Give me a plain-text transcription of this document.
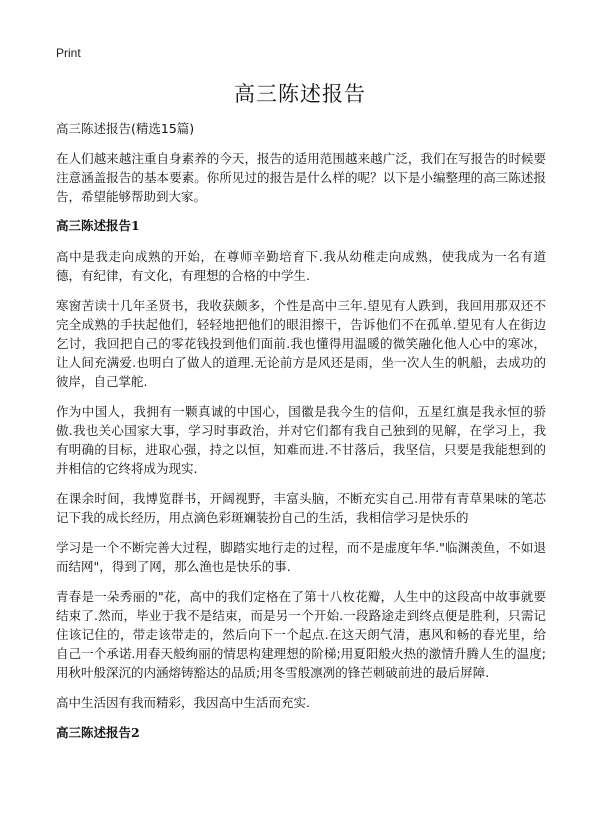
Print
高三陈述报告
高三陈述报告(精选15篇)

在人们越来越注重自身素养的今天，报告的适用范围越来越广泛，我们在写报告的时候要注意涵盖报告的基本要素。你所见过的报告是什么样的呢？以下是小编整理的高三陈述报告，希望能够帮助到大家。

高三陈述报告1

高中是我走向成熟的开始，在尊师辛勤培育下.我从幼稚走向成熟，使我成为一名有道德，有纪律，有文化，有理想的合格的中学生.

寒窗苦读十几年圣贤书，我收获颇多，个性是高中三年.望见有人跌到，我回用那双还不完全成熟的手扶起他们，轻轻地把他们的眼泪擦干，告诉他们不在孤单.望见有人在街边乞讨，我回把自己的零花钱投到他们面前.我也懂得用温暖的微笑融化他人心中的寒冰，让人间充满爱.也明白了做人的道理.无论前方是风还是雨，坐一次人生的帆船，去成功的彼岸，自己掌舵.

作为中国人，我拥有一颗真诚的中国心，国徽是我今生的信仰，五星红旗是我永恒的骄傲.我也关心国家大事，学习时事政治，并对它们都有我自己独到的见解，在学习上，我有明确的目标，进取心强，持之以恒，知难而进.不甘落后，我坚信，只要是我能想到的并相信的它终将成为现实.

在课余时间，我博览群书，开阔视野，丰富头脑，不断充实自己.用带有青草果味的笔芯记下我的成长经历，用点滴色彩斑斓装扮自己的生活，我相信学习是快乐的

学习是一个不断完善大过程，脚踏实地行走的过程，而不是虚度年华."临渊羡鱼，不如退而结网"，得到了网，那么渔也是快乐的事.

青春是一朵秀丽的"花，高中的我们定格在了第十八枚花瓣，人生中的这段高中故事就要结束了.然而，毕业于我不是结束，而是另一个开始.一段路途走到终点便是胜利，只需记住该记住的，带走该带走的，然后向下一个起点.在这天朗气清，惠风和畅的春光里，给自己一个承诺.用春天般绚丽的情思构建理想的阶梯;用夏阳般火热的激情升腾人生的温度;用秋叶般深沉的内涵熔铸豁达的品质;用冬雪般凛冽的锋芒刺破前进的最后屏障.

高中生活因有我而精彩，我因高中生活而充实.

高三陈述报告2
